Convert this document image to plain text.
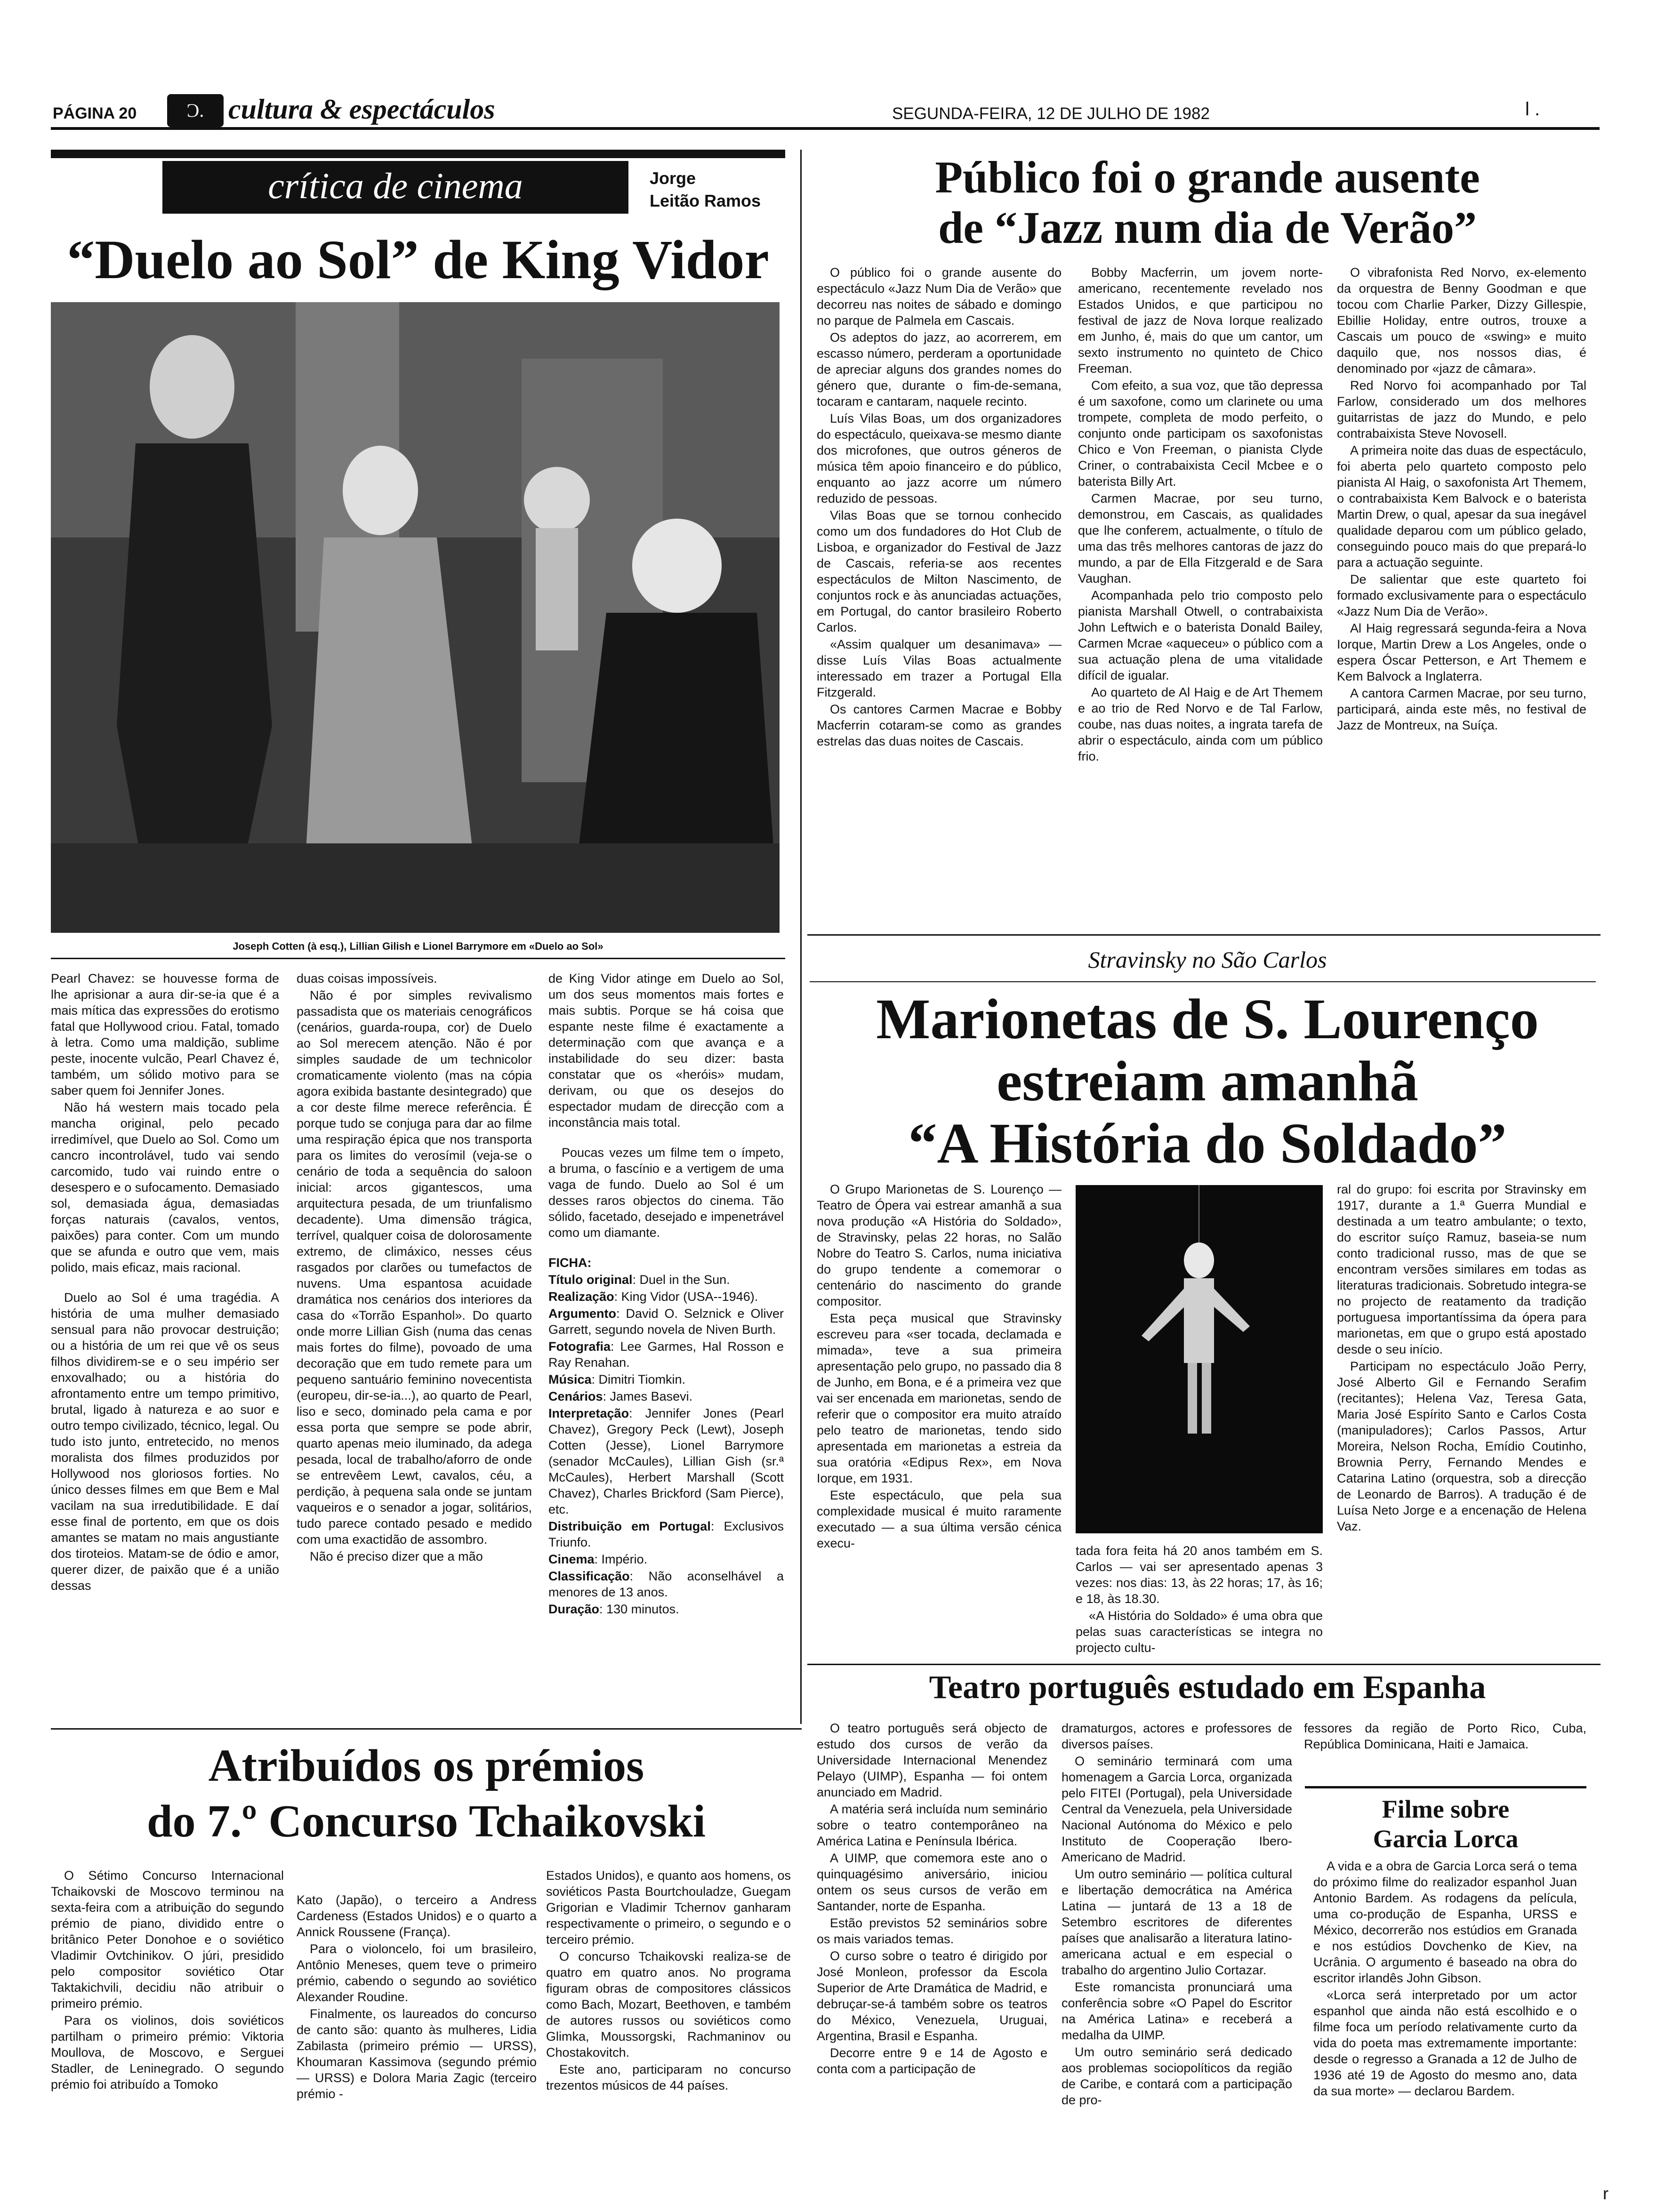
PÁGINA 20	Ɔ. cultura & espectáculos	SEGUNDA-FEIRA, 12 DE JULHO DE 1982	l .
crítica de cinema	Jorge
Leitão Ramos
“Duelo ao Sol” de King Vidor
Joseph Cotten (à esq.), Lillian Gilish e Lionel Barrymore em «Duelo ao Sol»

Pearl Chavez: se houvesse forma de lhe aprisionar a aura dir-se-ia que é a mais mítica das expressões do erotismo fatal que Hollywood criou. Fatal, tomado à letra. Como uma maldição, sublime peste, inocente vulcão, Pearl Chavez é, também, um sólido motivo para se saber quem foi Jennifer Jones.

Não há western mais tocado pela mancha original, pelo pecado irredimível, que Duelo ao Sol. Como um cancro incontrolável, tudo vai sendo carcomido, tudo vai ruindo entre o desespero e o sufocamento. Demasiado sol, demasiada água, demasiadas forças naturais (cavalos, ventos, paixões) para conter. Com um mundo que se afunda e outro que vem, mais polido, mais eficaz, mais racional.

Duelo ao Sol é uma tragédia. A história de uma mulher demasiado sensual para não provocar destruição; ou a história de um rei que vê os seus filhos dividirem-se e o seu império ser enxovalhado; ou a história do afrontamento entre um tempo primitivo, brutal, ligado à natureza e ao suor e outro tempo civilizado, técnico, legal. Ou tudo isto junto, entretecido, no menos moralista dos filmes produzidos por Hollywood nos gloriosos forties. No único desses filmes em que Bem e Mal vacilam na sua irredutibilidade. E daí esse final de portento, em que os dois amantes se matam no mais angustiante dos tiroteios. Matam-se de ódio e amor, querer dizer, de paixão que é a união dessas

duas coisas impossíveis.

Não é por simples revivalismo passadista que os materiais cenográficos (cenários, guarda-roupa, cor) de Duelo ao Sol merecem atenção. Não é por simples saudade de um technicolor cromaticamente violento (mas na cópia agora exibida bastante desintegrado) que a cor deste filme merece referência. É porque tudo se conjuga para dar ao filme uma respiração épica que nos transporta para os limites do verosímil (veja-se o cenário de toda a sequência do saloon inicial: arcos gigantescos, uma arquitectura pesada, de um triunfalismo decadente). Uma dimensão trágica, terrível, qualquer coisa de dolorosamente extremo, de climáxico, nesses céus rasgados por clarões ou tumefactos de nuvens. Uma espantosa acuidade dramática nos cenários dos interiores da casa do «Torrão Espanhol». Do quarto onde morre Lillian Gish (numa das cenas mais fortes do filme), povoado de uma decoração que em tudo remete para um pequeno santuário feminino novecentista (europeu, dir-se-ia...), ao quarto de Pearl, liso e seco, dominado pela cama e por essa porta que sempre se pode abrir, quarto apenas meio iluminado, da adega pesada, local de trabalho/aforro de onde se entrevêem Lewt, cavalos, céu, a perdição, à pequena sala onde se juntam vaqueiros e o senador a jogar, solitários, tudo parece contado pesado e medido com uma exactidão de assombro.

Não é preciso dizer que a mão

de King Vidor atinge em Duelo ao Sol, um dos seus momentos mais fortes e mais subtis. Porque se há coisa que espante neste filme é exactamente a determinação com que avança e a instabilidade do seu dizer: basta constatar que os «heróis» mudam, derivam, ou que os desejos do espectador mudam de direcção com a inconstância mais total.

Poucas vezes um filme tem o ímpeto, a bruma, o fascínio e a vertigem de uma vaga de fundo. Duelo ao Sol é um desses raros objectos do cinema. Tão sólido, facetado, desejado e impenetrável como um diamante.

FICHA:

Título original: Duel in the Sun.

Realização: King Vidor (USA--1946).

Argumento: David O. Selznick e Oliver Garrett, segundo novela de Niven Burth.

Fotografia: Lee Garmes, Hal Rosson e Ray Renahan.

Música: Dimitri Tiomkin.

Cenários: James Basevi.

Interpretação: Jennifer Jones (Pearl Chavez), Gregory Peck (Lewt), Joseph Cotten (Jesse), Lionel Barrymore (senador McCaules), Lillian Gish (sr.ª McCaules), Herbert Marshall (Scott Chavez), Charles Brickford (Sam Pierce), etc.

Distribuição em Portugal: Exclusivos Triunfo.

Cinema: Império.

Classificação: Não aconselhável a menores de 13 anos.

Duração: 130 minutos.

Público foi o grande ausente
de “Jazz num dia de Verão”

O público foi o grande ausente do espectáculo «Jazz Num Dia de Verão» que decorreu nas noites de sábado e domingo no parque de Palmela em Cascais.

Os adeptos do jazz, ao acorrerem, em escasso número, perderam a oportunidade de apreciar alguns dos grandes nomes do género que, durante o fim-de-semana, tocaram e cantaram, naquele recinto.

Luís Vilas Boas, um dos organizadores do espectáculo, queixava-se mesmo diante dos microfones, que outros géneros de música têm apoio financeiro e do público, enquanto ao jazz acorre um número reduzido de pessoas.

Vilas Boas que se tornou conhecido como um dos fundadores do Hot Club de Lisboa, e organizador do Festival de Jazz de Cascais, referia-se aos recentes espectáculos de Milton Nascimento, de conjuntos rock e às anunciadas actuações, em Portugal, do cantor brasileiro Roberto Carlos.

«Assim qualquer um desanimava» — disse Luís Vilas Boas actualmente interessado em trazer a Portugal Ella Fitzgerald.

Os cantores Carmen Macrae e Bobby Macferrin cotaram-se como as grandes estrelas das duas noites de Cascais.

Bobby Macferrin, um jovem norte-americano, recentemente revelado nos Estados Unidos, e que participou no festival de jazz de Nova Iorque realizado em Junho, é, mais do que um cantor, um sexto instrumento no quinteto de Chico Freeman.

Com efeito, a sua voz, que tão depressa é um saxofone, como um clarinete ou uma trompete, completa de modo perfeito, o conjunto onde participam os saxofonistas Chico e Von Freeman, o pianista Clyde Criner, o contrabaixista Cecil Mcbee e o baterista Billy Art.

Carmen Macrae, por seu turno, demonstrou, em Cascais, as qualidades que lhe conferem, actualmente, o título de uma das três melhores cantoras de jazz do mundo, a par de Ella Fitzgerald e de Sara Vaughan.

Acompanhada pelo trio composto pelo pianista Marshall Otwell, o contrabaixista John Leftwich e o baterista Donald Bailey, Carmen Mcrae «aqueceu» o público com a sua actuação plena de uma vitalidade difícil de igualar.

Ao quarteto de Al Haig e de Art Themem e ao trio de Red Norvo e de Tal Farlow, coube, nas duas noites, a ingrata tarefa de abrir o espectáculo, ainda com um público frio.

O vibrafonista Red Norvo, ex-elemento da orquestra de Benny Goodman e que tocou com Charlie Parker, Dizzy Gillespie, Ebillie Holiday, entre outros, trouxe a Cascais um pouco de «swing» e muito daquilo que, nos nossos dias, é denominado por «jazz de câmara».

Red Norvo foi acompanhado por Tal Farlow, considerado um dos melhores guitarristas de jazz do Mundo, e pelo contrabaixista Steve Novosell.

A primeira noite das duas de espectáculo, foi aberta pelo quarteto composto pelo pianista Al Haig, o saxofonista Art Themem, o contrabaixista Kem Balvock e o baterista Martin Drew, o qual, apesar da sua inegável qualidade deparou com um público gelado, conseguindo pouco mais do que prepará-lo para a actuação seguinte.

De salientar que este quarteto foi formado exclusivamente para o espectáculo «Jazz Num Dia de Verão».

Al Haig regressará segunda-feira a Nova Iorque, Martin Drew a Los Angeles, onde o espera Óscar Petterson, e Art Themem e Kem Balvock a Inglaterra.

A cantora Carmen Macrae, por seu turno, participará, ainda este mês, no festival de Jazz de Montreux, na Suíça.

Stravinsky no São Carlos
Marionetas de S. Lourenço
estreiam amanhã
“A História do Soldado”

O Grupo Marionetas de S. Lourenço — Teatro de Ópera vai estrear amanhã a sua nova produção «A História do Soldado», de Stravinsky, pelas 22 horas, no Salão Nobre do Teatro S. Carlos, numa iniciativa do grupo tendente a comemorar o centenário do nascimento do grande compositor.

Esta peça musical que Stravinsky escreveu para «ser tocada, declamada e mimada», teve a sua primeira apresentação pelo grupo, no passado dia 8 de Junho, em Bona, e é a primeira vez que vai ser encenada em marionetas, sendo de referir que o compositor era muito atraído pelo teatro de marionetas, tendo sido apresentada em marionetas a estreia da sua oratória «Edipus Rex», em Nova Iorque, em 1931.

Este espectáculo, que pela sua complexidade musical é muito raramente executado — a sua última versão cénica execu-

tada fora feita há 20 anos também em S. Carlos — vai ser apresentado apenas 3 vezes: nos dias: 13, às 22 horas; 17, às 16; e 18, às 18.30.

«A História do Soldado» é uma obra que pelas suas características se integra no projecto cultu-

ral do grupo: foi escrita por Stravinsky em 1917, durante a 1.ª Guerra Mundial e destinada a um teatro ambulante; o texto, do escritor suíço Ramuz, baseia-se num conto tradicional russo, mas de que se encontram versões similares em todas as literaturas tradicionais. Sobretudo integra-se no projecto de reatamento da tradição portuguesa importantíssima da ópera para marionetas, em que o grupo está apostado desde o seu início.

Participam no espectáculo João Perry, José Alberto Gil e Fernando Serafim (recitantes); Helena Vaz, Teresa Gata, Maria José Espírito Santo e Carlos Costa (manipuladores); Carlos Passos, Artur Moreira, Nelson Rocha, Emídio Coutinho, Brownia Perry, Fernando Mendes e Catarina Latino (orquestra, sob a direcção de Leonardo de Barros). A tradução é de Luísa Neto Jorge e a encenação de Helena Vaz.

Teatro português estudado em Espanha

O teatro português será objecto de estudo dos cursos de verão da Universidade Internacional Menendez Pelayo (UIMP), Espanha — foi ontem anunciado em Madrid.

A matéria será incluída num seminário sobre o teatro contemporâneo na América Latina e Península Ibérica.

A UIMP, que comemora este ano o quinquagésimo aniversário, iniciou ontem os seus cursos de verão em Santander, norte de Espanha.

Estão previstos 52 seminários sobre os mais variados temas.

O curso sobre o teatro é dirigido por José Monleon, professor da Escola Superior de Arte Dramática de Madrid, e debruçar-se-á também sobre os teatros do México, Venezuela, Uruguai, Argentina, Brasil e Espanha.

Decorre entre 9 e 14 de Agosto e conta com a participação de

dramaturgos, actores e professores de diversos países.

O seminário terminará com uma homenagem a Garcia Lorca, organizada pelo FITEI (Portugal), pela Universidade Central da Venezuela, pela Universidade Nacional Autónoma do México e pelo Instituto de Cooperação Ibero-Americano de Madrid.

Um outro seminário — política cultural e libertação democrática na América Latina — juntará de 13 a 18 de Setembro escritores de diferentes países que analisarão a literatura latino-americana actual e em especial o trabalho do argentino Julio Cortazar.

Este romancista pronunciará uma conferência sobre «O Papel do Escritor na América Latina» e receberá a medalha da UIMP.

Um outro seminário será dedicado aos problemas sociopolíticos da região de Caribe, e contará com a participação de pro-

fessores da região de Porto Rico, Cuba, República Dominicana, Haiti e Jamaica.

Filme sobre
Garcia Lorca

A vida e a obra de Garcia Lorca será o tema do próximo filme do realizador espanhol Juan Antonio Bardem. As rodagens da película, uma co-produção de Espanha, URSS e México, decorrerão nos estúdios em Granada e nos estúdios Dovchenko de Kiev, na Ucrânia. O argumento é baseado na obra do escritor irlandês John Gibson.

«Lorca será interpretado por um actor espanhol que ainda não está escolhido e o filme foca um período relativamente curto da vida do poeta mas extremamente importante: desde o regresso a Granada a 12 de Julho de 1936 até 19 de Agosto do mesmo ano, data da sua morte» — declarou Bardem.

Atribuídos os prémios
do 7.º Concurso Tchaikovski

O Sétimo Concurso Internacional Tchaikovski de Moscovo terminou na sexta-feira com a atribuição do segundo prémio de piano, dividido entre o britânico Peter Donohoe e o soviético Vladimir Ovtchinikov. O júri, presidido pelo compositor soviético Otar Taktakichvili, decidiu não atribuir o primeiro prémio.

Para os violinos, dois soviéticos partilham o primeiro prémio: Viktoria Moullova, de Moscovo, e Serguei Stadler, de Leninegrado. O segundo prémio foi atribuído a Tomoko

Kato (Japão), o terceiro a Andress Cardeness (Estados Unidos) e o quarto a Annick Roussene (França).

Para o violoncelo, foi um brasileiro, Antônio Meneses, quem teve o primeiro prémio, cabendo o segundo ao soviético Alexander Roudine.

Finalmente, os laureados do concurso de canto são: quanto às mulheres, Lidia Zabilasta (primeiro prémio — URSS), Khoumaran Kassimova (segundo prémio — URSS) e Dolora Maria Zagic (terceiro prémio -

Estados Unidos), e quanto aos homens, os soviéticos Pasta Bourtchouladze, Guegam Grigorian e Vladimir Tchernov ganharam respectivamente o primeiro, o segundo e o terceiro prémio.

O concurso Tchaikovski realiza-se de quatro em quatro anos. No programa figuram obras de compositores clássicos como Bach, Mozart, Beethoven, e também de autores russos ou soviéticos como Glimka, Moussorgski, Rachmaninov ou Chostakovitch.

Este ano, participaram no concurso trezentos músicos de 44 países.

r
